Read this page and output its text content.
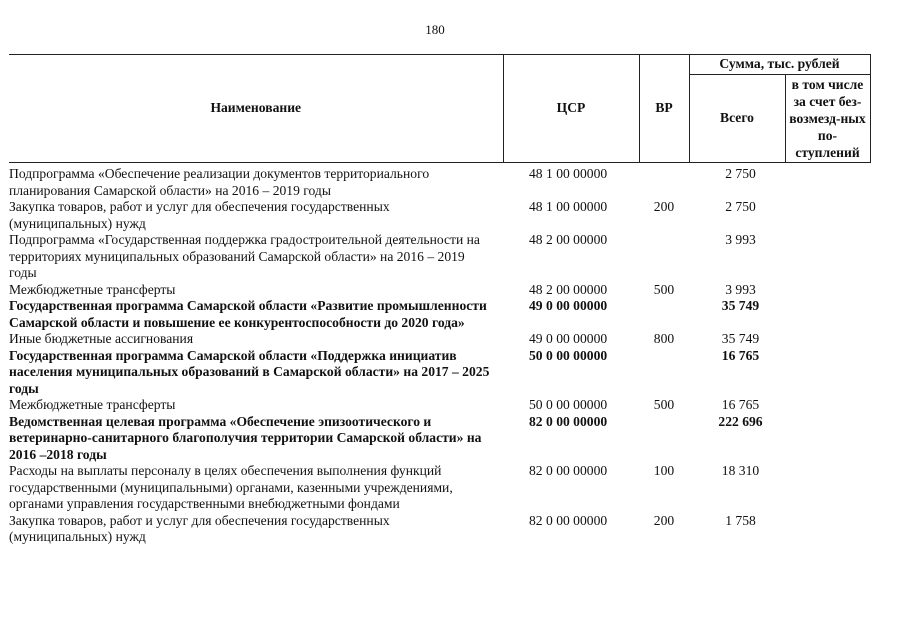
180
Наименование	ЦСР	ВР	Сумма, тыс. рублей	
			Всего	в том числе за счет без-возмезд-ных по-ступлений
Подпрограмма «Обеспечение реализации документов территориального планирования Самарской области» на 2016 – 2019 годы	48 1 00 00000		2 750	
Закупка товаров, работ и услуг для обеспечения государственных (муниципальных) нужд	48 1 00 00000	200	2 750	
Подпрограмма «Государственная поддержка градостроительной деятельности на территориях муниципальных образований Самарской области» на 2016 – 2019 годы	48 2 00 00000		3 993	
Межбюджетные трансферты	48 2 00 00000	500	3 993	
Государственная программа Самарской области «Развитие промышленности Самарской области и повышение ее конкурентоспособности до 2020 года»	49 0 00 00000		35 749	
Иные бюджетные ассигнования	49 0 00 00000	800	35 749	
Государственная программа Самарской области «Поддержка инициатив населения муниципальных образований в Самарской области» на 2017 – 2025 годы	50 0 00 00000		16 765	
Межбюджетные трансферты	50 0 00 00000	500	16 765	
Ведомственная целевая программа «Обеспечение эпизоотического и ветеринарно-санитарного благополучия территории Самарской области» на 2016 –2018 годы	82 0 00 00000		222 696	
Расходы на выплаты персоналу в целях обеспечения выполнения функций государственными (муниципальными) органами, казенными учреждениями, органами управления государственными внебюджетными фондами	82 0 00 00000	100	18 310	
Закупка товаров, работ и услуг для обеспечения государственных (муниципальных) нужд	82 0 00 00000	200	1 758	
